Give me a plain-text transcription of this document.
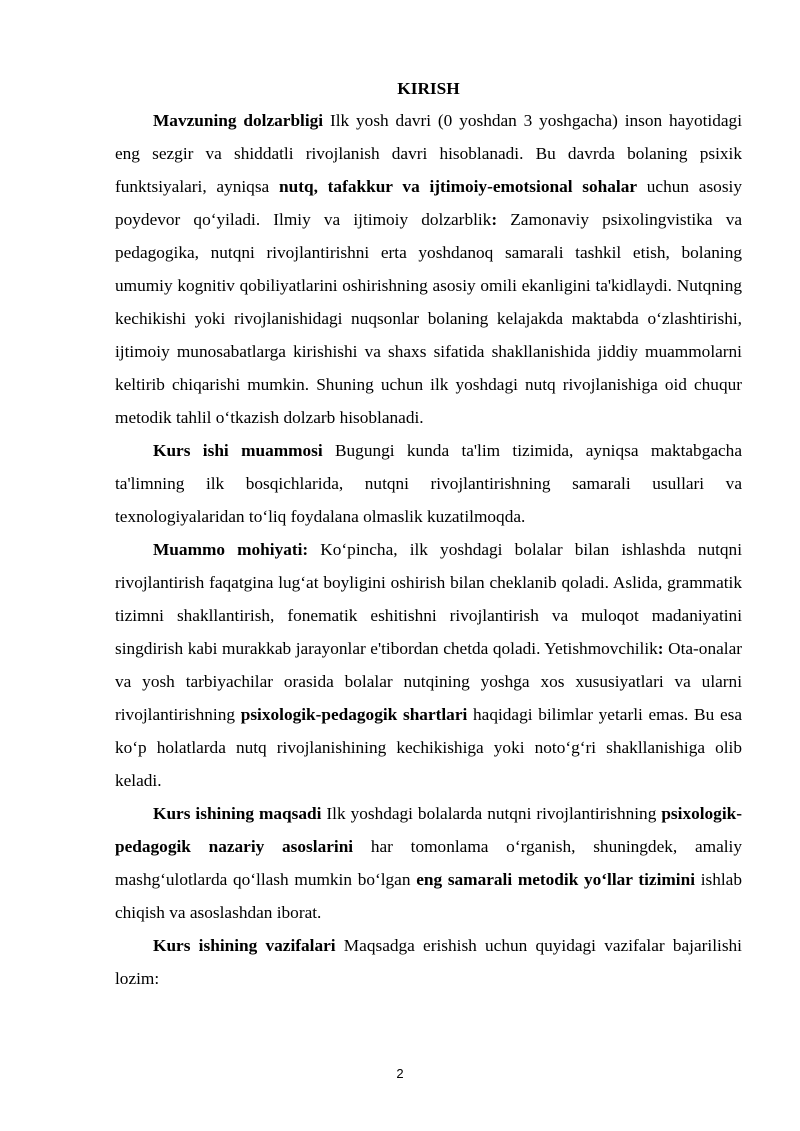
KIRISH

Mavzuning dolzarbligi Ilk yosh davri (0 yoshdan 3 yoshgacha) inson hayotidagi eng sezgir va shiddatli rivojlanish davri hisoblanadi. Bu davrda bolaning psixik funktsiyalari, ayniqsa nutq, tafakkur va ijtimoiy-emotsional sohalar uchun asosiy poydevor qo‘yiladi. Ilmiy va ijtimoiy dolzarblik: Zamonaviy psixolingvistika va pedagogika, nutqni rivojlantirishni erta yoshdanoq samarali tashkil etish, bolaning umumiy kognitiv qobiliyatlarini oshirishning asosiy omili ekanligini ta'kidlaydi. Nutqning kechikishi yoki rivojlanishidagi nuqsonlar bolaning kelajakda maktabda o‘zlashtirishi, ijtimoiy munosabatlarga kirishishi va shaxs sifatida shakllanishida jiddiy muammolarni keltirib chiqarishi mumkin. Shuning uchun ilk yoshdagi nutq rivojlanishiga oid chuqur metodik tahlil o‘tkazish dolzarb hisoblanadi.

Kurs ishi muammosi Bugungi kunda ta'lim tizimida, ayniqsa maktabgacha ta'limning ilk bosqichlarida, nutqni rivojlantirishning samarali usullari va texnologiyalaridan to‘liq foydalana olmaslik kuzatilmoqda.

Muammo mohiyati: Ko‘pincha, ilk yoshdagi bolalar bilan ishlashda nutqni rivojlantirish faqatgina lug‘at boyligini oshirish bilan cheklanib qoladi. Aslida, grammatik tizimni shakllantirish, fonematik eshitishni rivojlantirish va muloqot madaniyatini singdirish kabi murakkab jarayonlar e'tibordan chetda qoladi. Yetishmovchilik: Ota-onalar va yosh tarbiyachilar orasida bolalar nutqining yoshga xos xususiyatlari va ularni rivojlantirishning psixologik-pedagogik shartlari haqidagi bilimlar yetarli emas. Bu esa ko‘p holatlarda nutq rivojlanishining kechikishiga yoki noto‘g‘ri shakllanishiga olib keladi.

Kurs ishining maqsadi Ilk yoshdagi bolalarda nutqni rivojlantirishning psixologik-pedagogik nazariy asoslarini har tomonlama o‘rganish, shuningdek, amaliy mashg‘ulotlarda qo‘llash mumkin bo‘lgan eng samarali metodik yo‘llar tizimini ishlab chiqish va asoslashdan iborat.

Kurs ishining vazifalari Maqsadga erishish uchun quyidagi vazifalar bajarilishi lozim:

2
